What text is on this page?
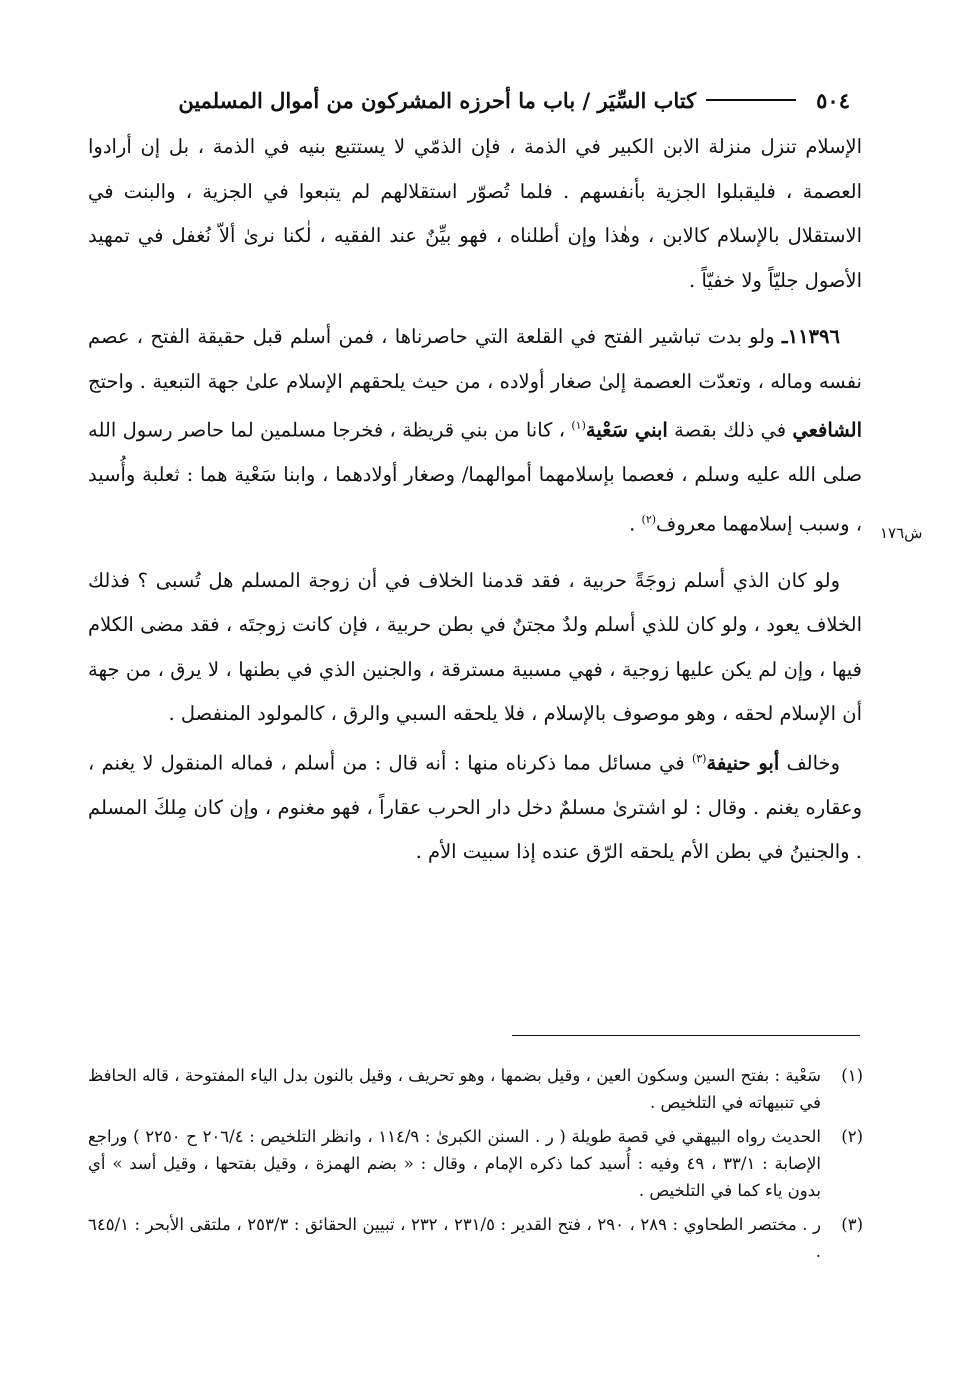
٥٠٤
كتاب السِّيَر / باب ما أحرزه المشركون من أموال المسلمين
ش١٧٦

الإسلام تنزل منزلة الابن الكبير في الذمة ، فإن الذمّي لا يستتبع بنيه في الذمة ، بل إن أرادوا العصمة ، فليقبلوا الجزية بأنفسهم . فلما تُصوّر استقلالهم لم يتبعوا في الجزية ، والبنت في الاستقلال بالإسلام كالابن ، وهٰذا وإن أطلناه ، فهو بيِّنٌ عند الفقيه ، لٰكنا نرىٰ ألاّ نُغفل في تمهيد الأصول جليّاً ولا خفيّاً .

١١٣٩٦ـ ولو بدت تباشير الفتح في القلعة التي حاصرناها ، فمن أسلم قبل حقيقة الفتح ، عصم نفسه وماله ، وتعدّت العصمة إلىٰ صغار أولاده ، من حيث يلحقهم الإسلام علىٰ جهة التبعية . واحتج الشافعي في ذلك بقصة ابني سَعْية$^{(١)}$ ، كانا من بني قريظة ، فخرجا مسلمين لما حاصر رسول الله صلى الله عليه وسلم ، فعصما بإسلامهما أموالهما/ وصغار أولادهما ، وابنا سَعْية هما : ثعلبة وأُسيد ، وسبب إسلامهما معروف$^{(٢)}$ .

ولو كان الذي أسلم زوجَةً حربية ، فقد قدمنا الخلاف في أن زوجة المسلم هل تُسبى ؟ فذلك الخلاف يعود ، ولو كان للذي أسلم ولدٌ مجتنٌ في بطن حربية ، فإن كانت زوجتَه ، فقد مضى الكلام فيها ، وإن لم يكن عليها زوجية ، فهي مسبية مسترقة ، والجنين الذي في بطنها ، لا يرق ، من جهة أن الإسلام لحقه ، وهو موصوف بالإسلام ، فلا يلحقه السبي والرق ، كالمولود المنفصل .

وخالف أبو حنيفة$^{(٣)}$ في مسائل مما ذكرناه منها : أنه قال : من أسلم ، فماله المنقول لا يغنم ، وعقاره يغنم . وقال : لو اشترىٰ مسلمٌ دخل دار الحرب عقاراً ، فهو مغنوم ، وإن كان مِلكَ المسلم . والجنينُ في بطن الأم يلحقه الرّق عنده إذا سبيت الأم .

(١)
سَعْية : بفتح السين وسكون العين ، وقيل بضمها ، وهو تحريف ، وقيل بالنون بدل الياء المفتوحة ، قاله الحافظ في تنبيهاته في التلخيص .
(٢)
الحديث رواه البيهقي في قصة طويلة ( ر . السنن الكبرىٰ : ١١٤/٩ ، وانظر التلخيص : ٢٠٦/٤ ح ٢٢٥٠ ) وراجع الإصابة : ٣٣/١ ، ٤٩ وفيه : أُسيد كما ذكره الإمام ، وقال : « بضم الهمزة ، وقيل بفتحها ، وقيل أسد » أي بدون ياء كما في التلخيص .
(٣)
ر . مختصر الطحاوي : ٢٨٩ ، ٢٩٠ ، فتح القدير : ٢٣١/٥ ، ٢٣٢ ، تبيين الحقائق : ٢٥٣/٣ ، ملتقى الأبحر : ٦٤٥/١ .
